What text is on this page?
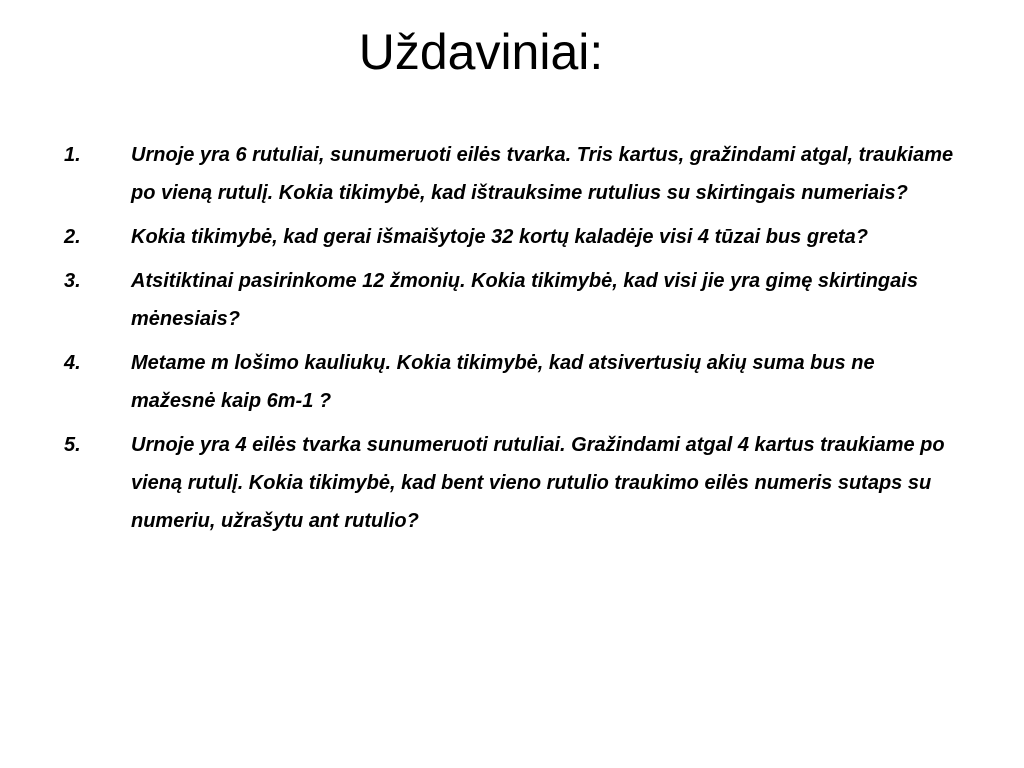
Uždaviniai:
1.	Urnoje yra 6 rutuliai, sunumeruoti eilės tvarka. Tris kartus, gražindami atgal, traukiame po vieną rutulį. Kokia tikimybė, kad ištrauksime rutulius su skirtingais numeriais?
2.	Kokia tikimybė, kad gerai išmaišytoje 32 kortų kaladėje visi 4 tūzai bus greta?
3.	Atsitiktinai pasirinkome 12 žmonių. Kokia tikimybė, kad visi jie yra gimę skirtingais mėnesiais?
4.	Metame m lošimo kauliukų. Kokia tikimybė, kad atsivertusių akių suma bus ne mažesnė kaip 6m-1 ?
5.	Urnoje yra 4 eilės tvarka sunumeruoti rutuliai. Gražindami atgal 4 kartus traukiame po vieną rutulį. Kokia tikimybė, kad bent vieno rutulio traukimo eilės numeris sutaps su numeriu, užrašytu ant rutulio?
